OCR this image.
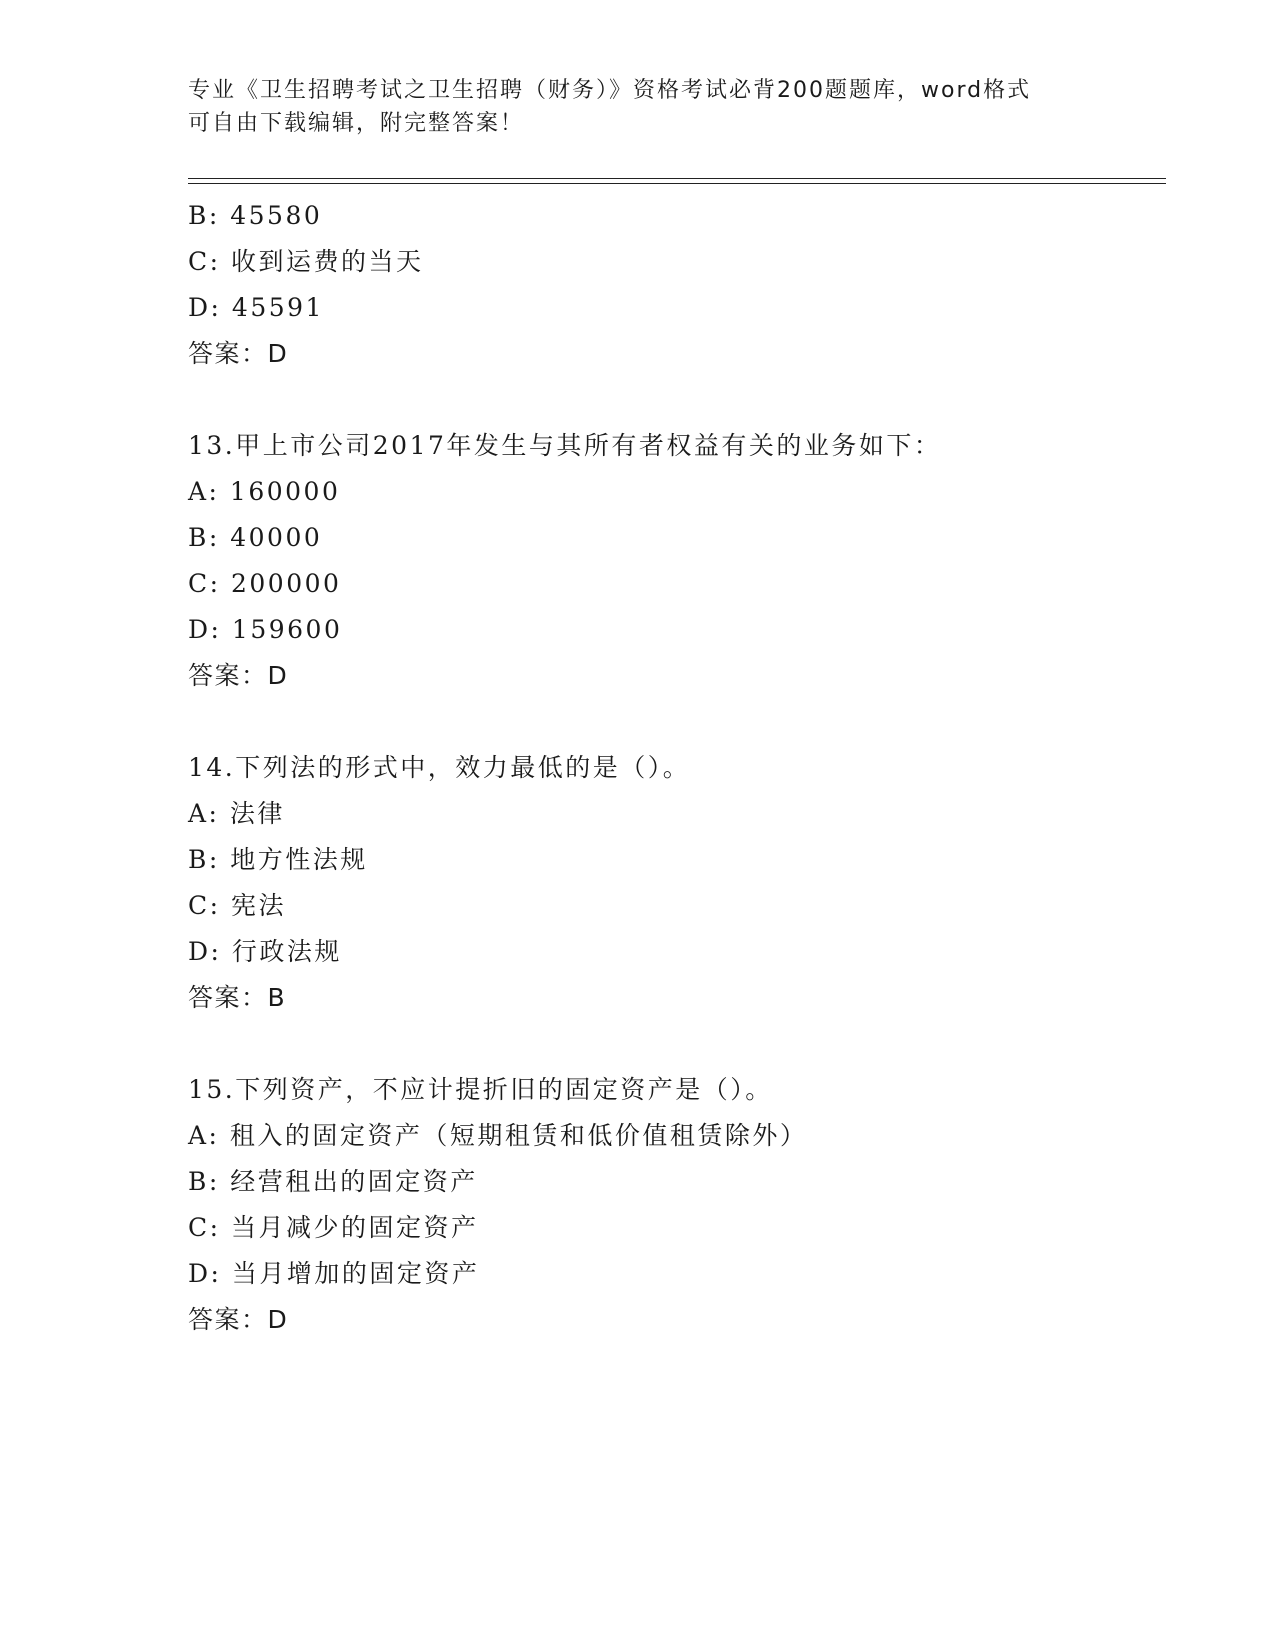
专业《卫生招聘考试之卫生招聘（财务）》资格考试必背200题题库，word格式
可自由下载编辑，附完整答案！
B: 45580
C: 收到运费的当天
D: 45591
答案：D
13.甲上市公司2017年发生与其所有者权益有关的业务如下：
A: 160000
B: 40000
C: 200000
D: 159600
答案：D
14.下列法的形式中，效力最低的是（）。
A: 法律
B: 地方性法规
C: 宪法
D: 行政法规
答案：B
15.下列资产，不应计提折旧的固定资产是（）。
A: 租入的固定资产（短期租赁和低价值租赁除外）
B: 经营租出的固定资产
C: 当月减少的固定资产
D: 当月增加的固定资产
答案：D
